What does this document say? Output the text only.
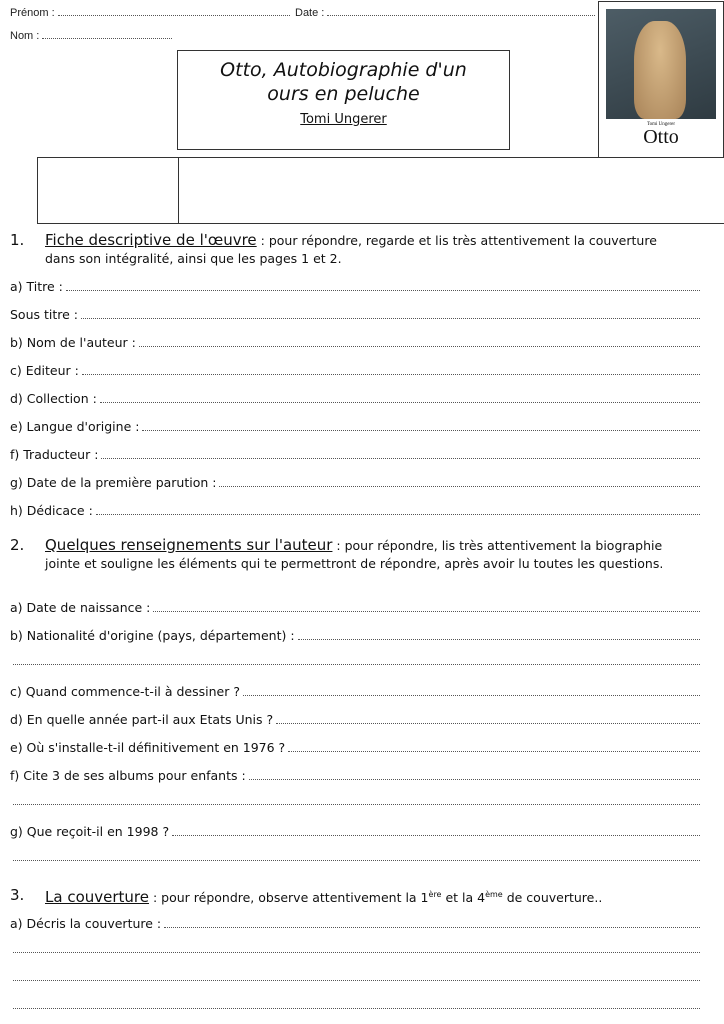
Prénom :	Date :
Nom :
Otto, Autobiographie d'un
ours en peluche
Tomi Ungerer	Tomi Ungerer
Otto
1. Fiche descriptive de l'œuvre : pour répondre, regarde et lis très attentivement la couverture dans son intégralité, ainsi que les pages 1 et 2.
a) Titre :
Sous titre :
b) Nom de l'auteur :
c) Editeur :
d) Collection :
e) Langue d'origine :
f) Traducteur :
g) Date de la première parution :
h) Dédicace :
2. Quelques renseignements sur l'auteur : pour répondre, lis très attentivement la biographie jointe et souligne les éléments qui te permettront de répondre, après avoir lu toutes les questions.
a) Date de naissance :
b) Nationalité d'origine (pays, département) :
c) Quand commence-t-il à dessiner ?
d) En quelle année part-il aux Etats Unis ?
e) Où s'installe-t-il définitivement en 1976 ?
f) Cite 3 de ses albums pour enfants :
g) Que reçoit-il en 1998 ?
3. La couverture : pour répondre, observe attentivement la 1ère et la 4ème de couverture..
a) Décris la couverture :
